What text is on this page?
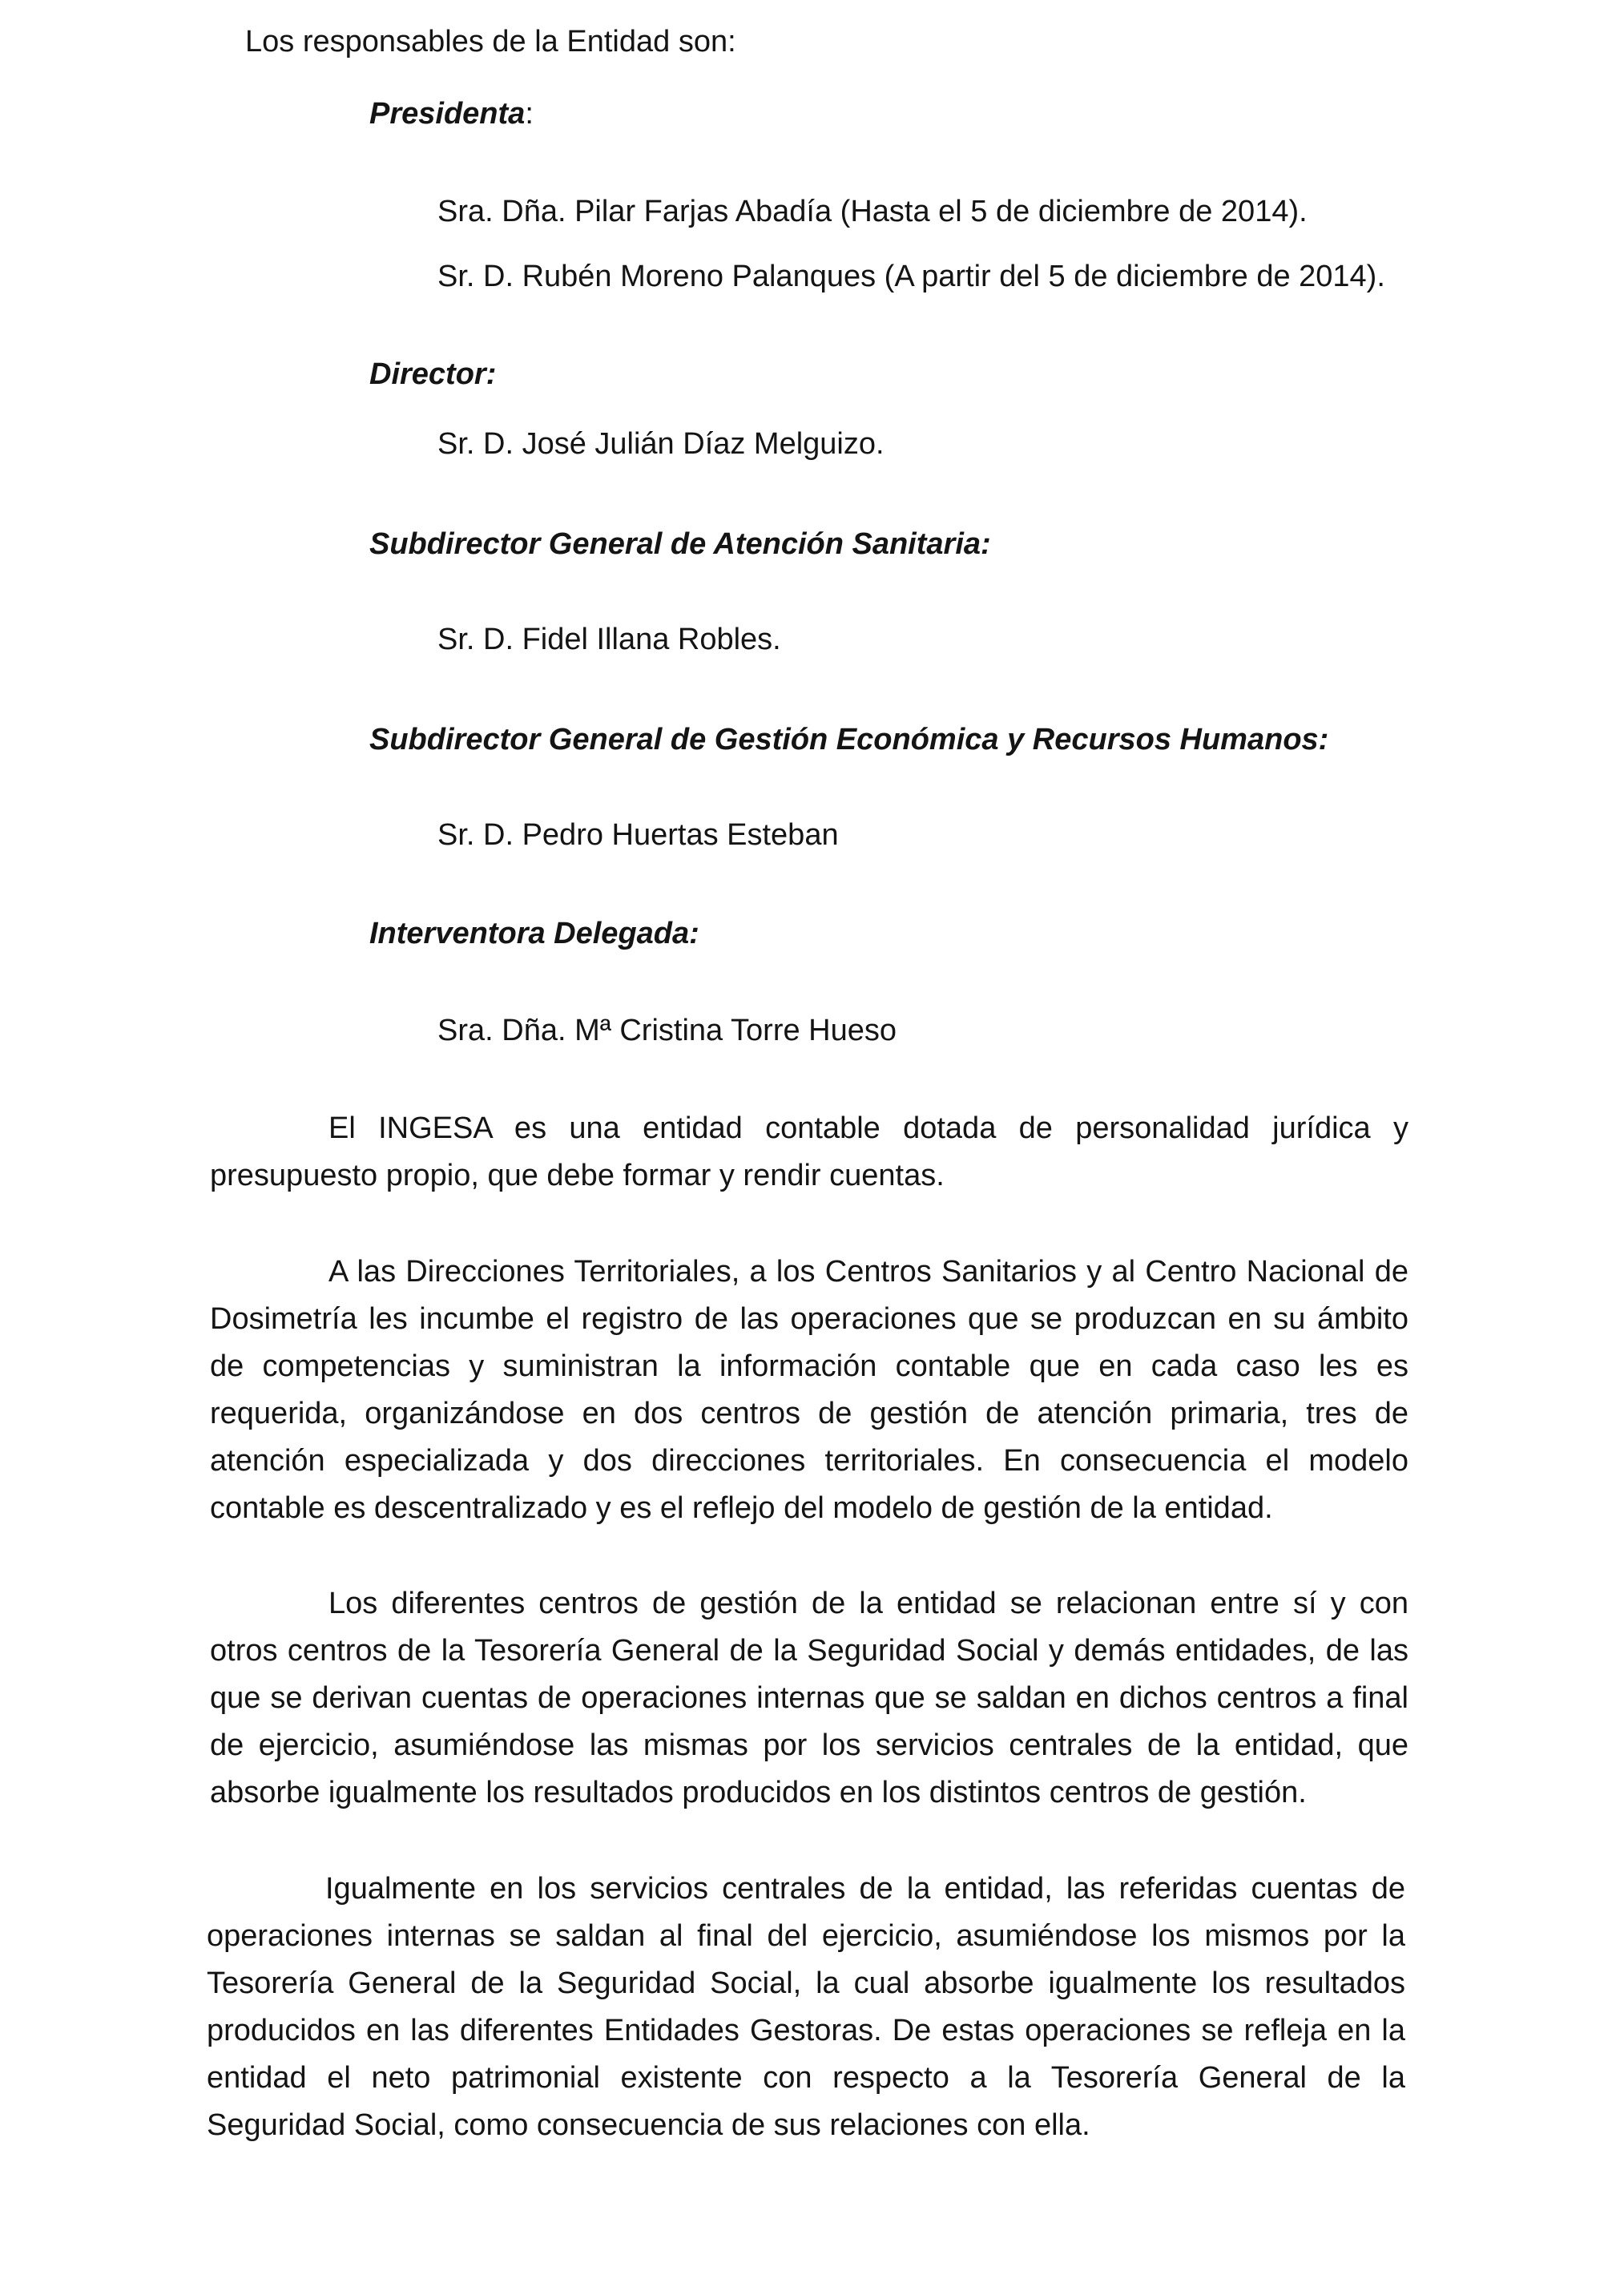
Los responsables de la Entidad son:
Presidenta:
Sra. Dña. Pilar Farjas Abadía (Hasta el 5 de diciembre de 2014).
Sr. D. Rubén Moreno Palanques (A partir del 5 de diciembre de 2014).
Director:
Sr. D. José Julián Díaz Melguizo.
Subdirector General de Atención Sanitaria:
Sr. D. Fidel Illana Robles.
Subdirector General de Gestión Económica y Recursos Humanos:
Sr. D. Pedro Huertas Esteban
Interventora Delegada:
Sra. Dña. Mª Cristina Torre Hueso

El INGESA es una entidad contable dotada de personalidad jurídica y presupuesto propio, que debe formar y rendir cuentas.

A las Direcciones Territoriales, a los Centros Sanitarios y al Centro Nacional de Dosimetría les incumbe el registro de las operaciones que se produzcan en su ámbito de competencias y suministran la información contable que en cada caso les es requerida, organizándose en dos centros de gestión de atención primaria, tres de atención especializada y dos direcciones territoriales. En consecuencia el modelo contable es descentralizado y es el reflejo del modelo de gestión de la entidad.

Los diferentes centros de gestión de la entidad se relacionan entre sí y con otros centros de la Tesorería General de la Seguridad Social y demás entidades, de las que se derivan cuentas de operaciones internas que se saldan en dichos centros a final de ejercicio, asumiéndose las mismas por los servicios centrales de la entidad, que absorbe igualmente los resultados producidos en los distintos centros de gestión.

Igualmente en los servicios centrales de la entidad, las referidas cuentas de operaciones internas se saldan al final del ejercicio, asumiéndose los mismos por la Tesorería General de la Seguridad Social, la cual absorbe igualmente los resultados producidos en las diferentes Entidades Gestoras. De estas operaciones se refleja en la entidad el neto patrimonial existente con respecto a la Tesorería General de la Seguridad Social, como consecuencia de sus relaciones con ella.
